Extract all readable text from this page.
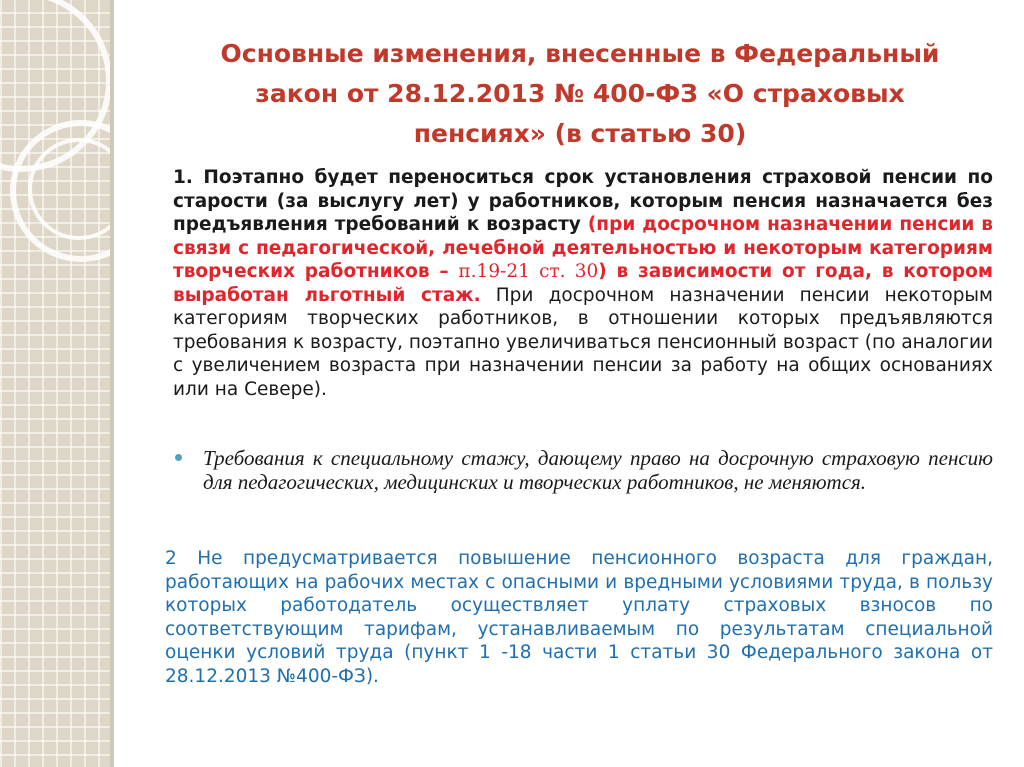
Основные изменения, внесенные в Федеральный
закон от 28.12.2013 № 400-ФЗ «О страховых
пенсиях» (в статью 30)

1. Поэтапно будет переноситься срок установления страховой пенсии по старости (за выслугу лет) у работников, которым пенсия назначается без предъявления требований к возрасту (при досрочном назначении пенсии в связи с педагогической, лечебной деятельностью и некоторым категориям творческих работников – п.19-21 ст. 30) в зависимости от года, в котором выработан льготный стаж. При досрочном назначении пенсии некоторым категориям творческих работников, в отношении которых предъявляются требования к возрасту, поэтапно увеличиваться пенсионный возраст (по аналогии с увеличением возраста при назначении пенсии за работу на общих основаниях или на Севере).

Требования к специальному стажу, дающему право на досрочную страховую пенсию для педагогических, медицинских и творческих работников, не меняются.

2 Не предусматривается повышение пенсионного возраста для граждан, работающих на рабочих местах с опасными и вредными условиями труда, в пользу которых работодатель осуществляет уплату страховых взносов по соответствующим тарифам, устанавливаемым по результатам специальной оценки условий труда (пункт 1 -18 части 1 статьи 30 Федерального закона от 28.12.2013 №400-ФЗ).
